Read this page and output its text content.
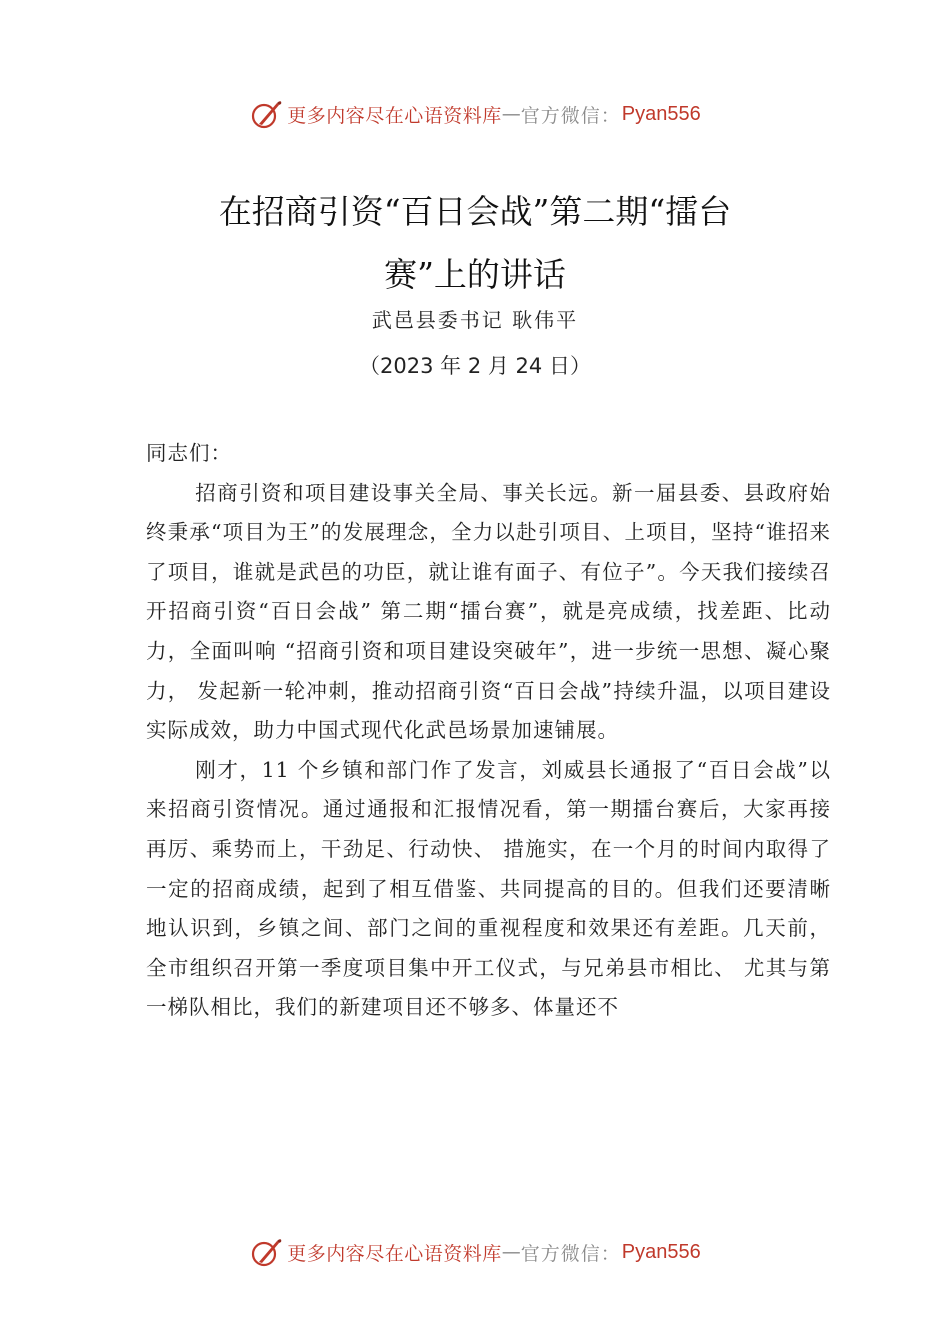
更多内容尽在心语资料库 — 官方微信 ： Pyan556
在招商引资“百日会战”第二期“擂台
赛”上的讲话
武邑县委书记 耿伟平
（2023 年 2 月 24 日）

同志们：

招商引资和项目建设事关全局、事关长远。新一届县委、县政府始终秉承“项目为王”的发展理念，全力以赴引项目、上项目，坚持“谁招来了项目，谁就是武邑的功臣，就让谁有面子、有位子”。今天我们接续召开招商引资“百日会战” 第二期“擂台赛”，就是亮成绩，找差距、比动力，全面叫响 “招商引资和项目建设突破年”，进一步统一思想、凝心聚力， 发起新一轮冲刺，推动招商引资“百日会战”持续升温，以项目建设实际成效，助力中国式现代化武邑场景加速铺展。

刚才，11 个乡镇和部门作了发言，刘威县长通报了“百日会战”以来招商引资情况。通过通报和汇报情况看，第一期擂台赛后，大家再接再厉、乘势而上，干劲足、行动快、 措施实，在一个月的时间内取得了一定的招商成绩，起到了相互借鉴、共同提高的目的。但我们还要清晰地认识到，乡镇之间、部门之间的重视程度和效果还有差距。几天前，全市组织召开第一季度项目集中开工仪式，与兄弟县市相比、 尤其与第一梯队相比，我们的新建项目还不够多、体量还不

更多内容尽在心语资料库 — 官方微信 ： Pyan556
